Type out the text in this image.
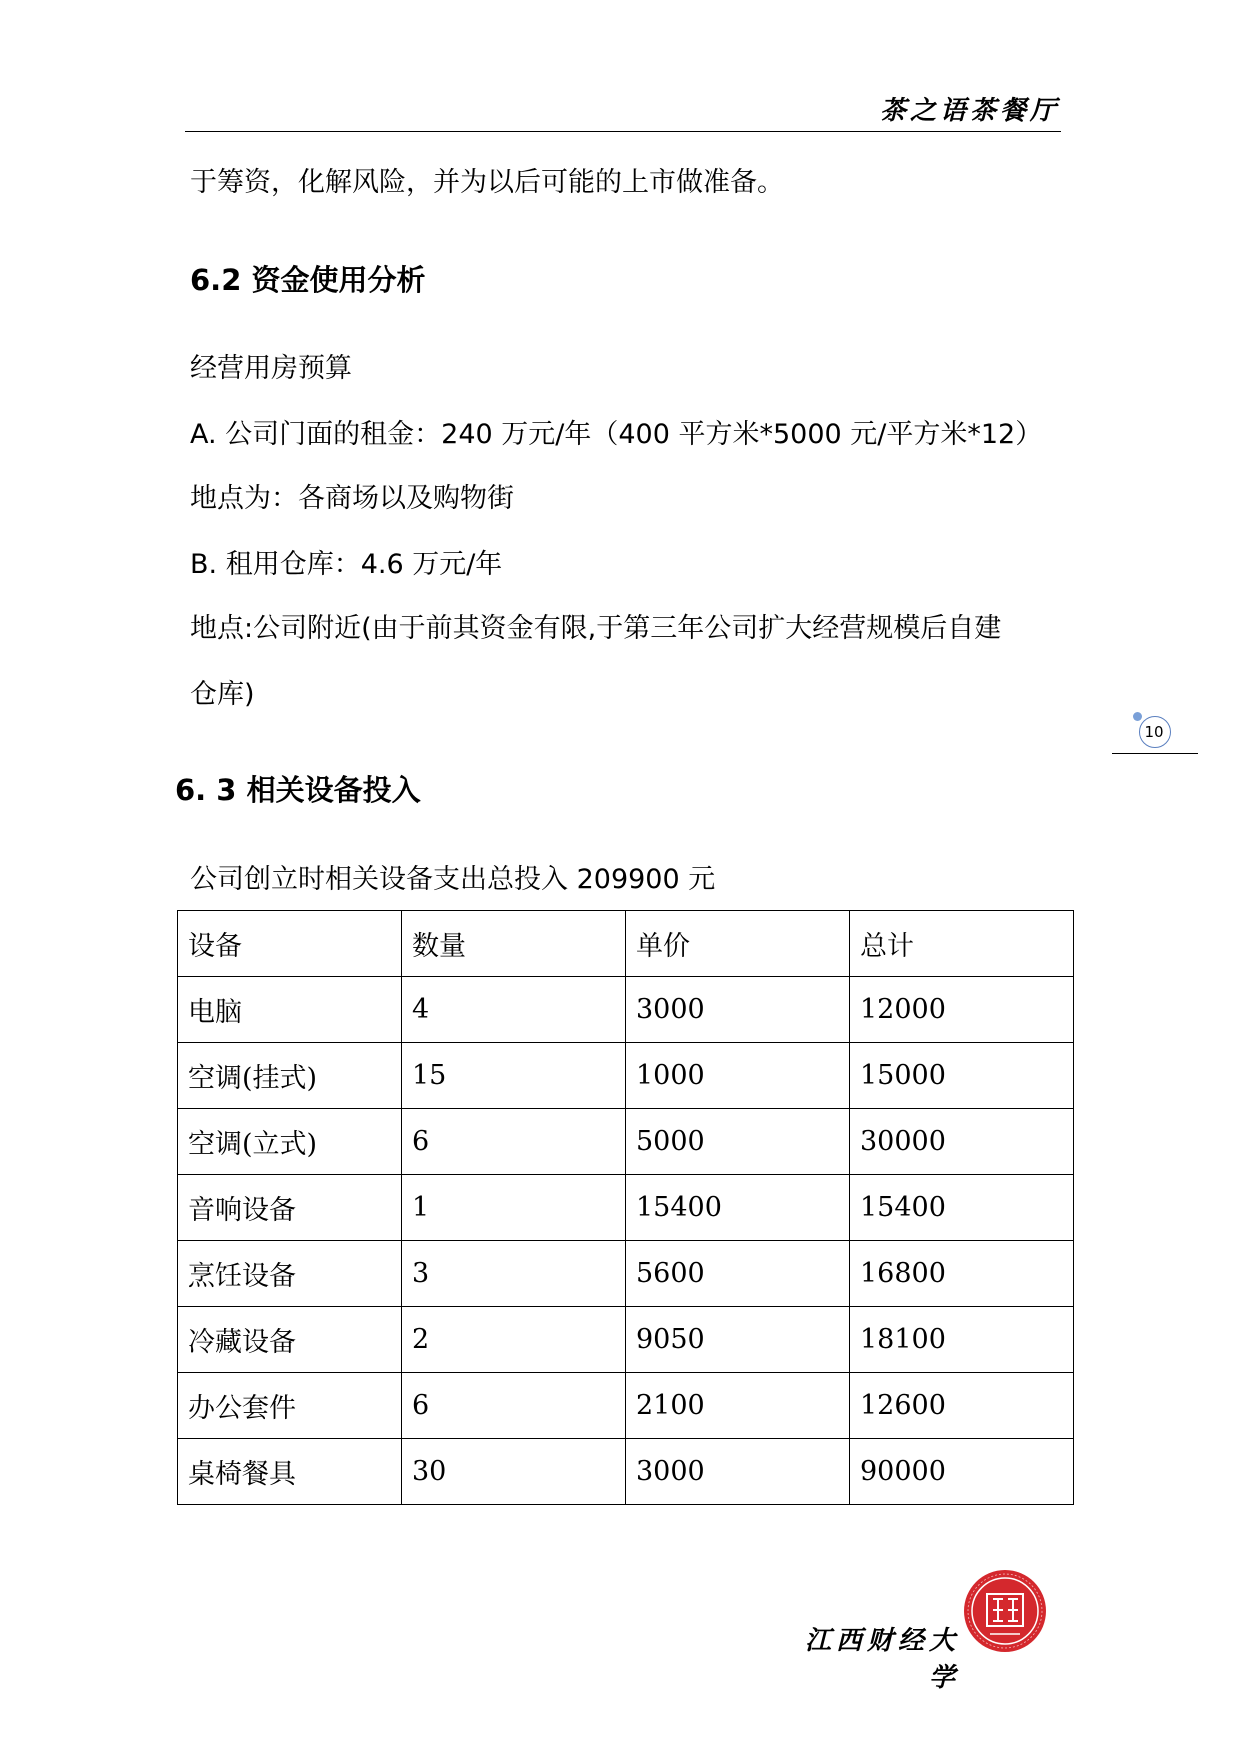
茶之语茶餐厅
于筹资，化解风险，并为以后可能的上市做准备。
6.2 资金使用分析
经营用房预算
A. 公司门面的租金：240 万元/年（400 平方米*5000 元/平方米*12）
地点为：各商场以及购物街
B. 租用仓库：4.6 万元/年
地点:公司附近(由于前其资金有限,于第三年公司扩大经营规模后自建
仓库)
10
6. 3 相关设备投入
公司创立时相关设备支出总投入 209900 元
设备	数量	单价	总计
电脑	4	3000	12000
空调(挂式)	15	1000	15000
空调(立式)	6	5000	30000
音响设备	1	15400	15400
烹饪设备	3	5600	16800
冷藏设备	2	9050	18100
办公套件	6	2100	12600
桌椅餐具	30	3000	90000
江西财经大学
